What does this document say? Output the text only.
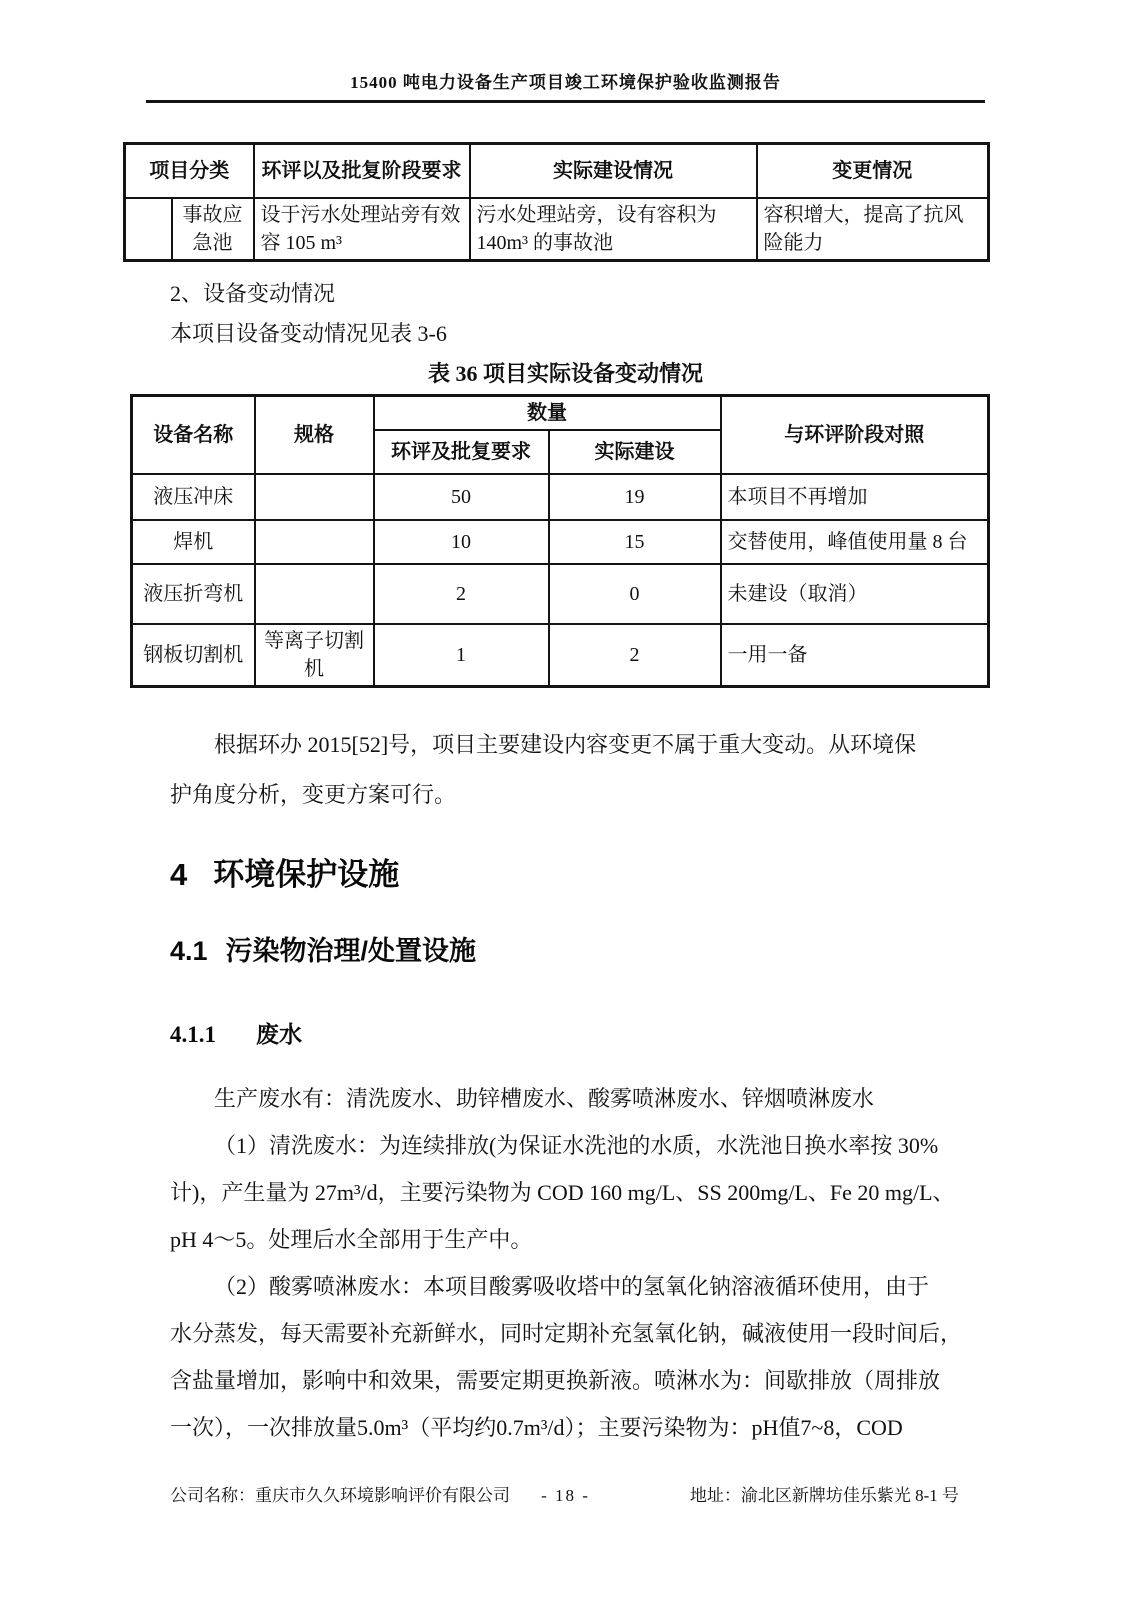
15400 吨电力设备生产项目竣工环境保护验收监测报告
项目分类		环评以及批复阶段要求	实际建设情况	变更情况
	事故应急池	设于污水处理站旁有效容 105 m³	污水处理站旁，设有容积为 140m³ 的事故池	容积增大，提高了抗风险能力

2、设备变动情况

本项目设备变动情况见表 3-6

表 36 项目实际设备变动情况
设备名称	规格	数量		与环评阶段对照
		环评及批复要求	实际建设	
液压冲床		50	19	本项目不再增加
焊机		10	15	交替使用，峰值使用量 8 台
液压折弯机		2	0	未建设（取消）
钢板切割机	等离子切割机	1	2	一用一备
根据环办 2015[52]号，项目主要建设内容变更不属于重大变动。从环境保
护角度分析，变更方案可行。
4 环境保护设施
4.1 污染物治理/处置设施
4.1.1 废水
生产废水有：清洗废水、助锌槽废水、酸雾喷淋废水、锌烟喷淋废水
（1）清洗废水：为连续排放(为保证水洗池的水质，水洗池日换水率按 30%
计)，产生量为 27m³/d，主要污染物为 COD 160 mg/L、SS 200mg/L、Fe 20 mg/L、
pH 4～5。处理后水全部用于生产中。
（2）酸雾喷淋废水：本项目酸雾吸收塔中的氢氧化钠溶液循环使用，由于
水分蒸发，每天需要补充新鲜水，同时定期补充氢氧化钠，碱液使用一段时间后，
含盐量增加，影响中和效果，需要定期更换新液。喷淋水为：间歇排放（周排放
一次），一次排放量5.0m³（平均约0.7m³/d）；主要污染物为：pH值7~8，COD
- 18 -
公司名称：重庆市久久环境影响评价有限公司	地址：渝北区新牌坊佳乐紫光 8-1 号
